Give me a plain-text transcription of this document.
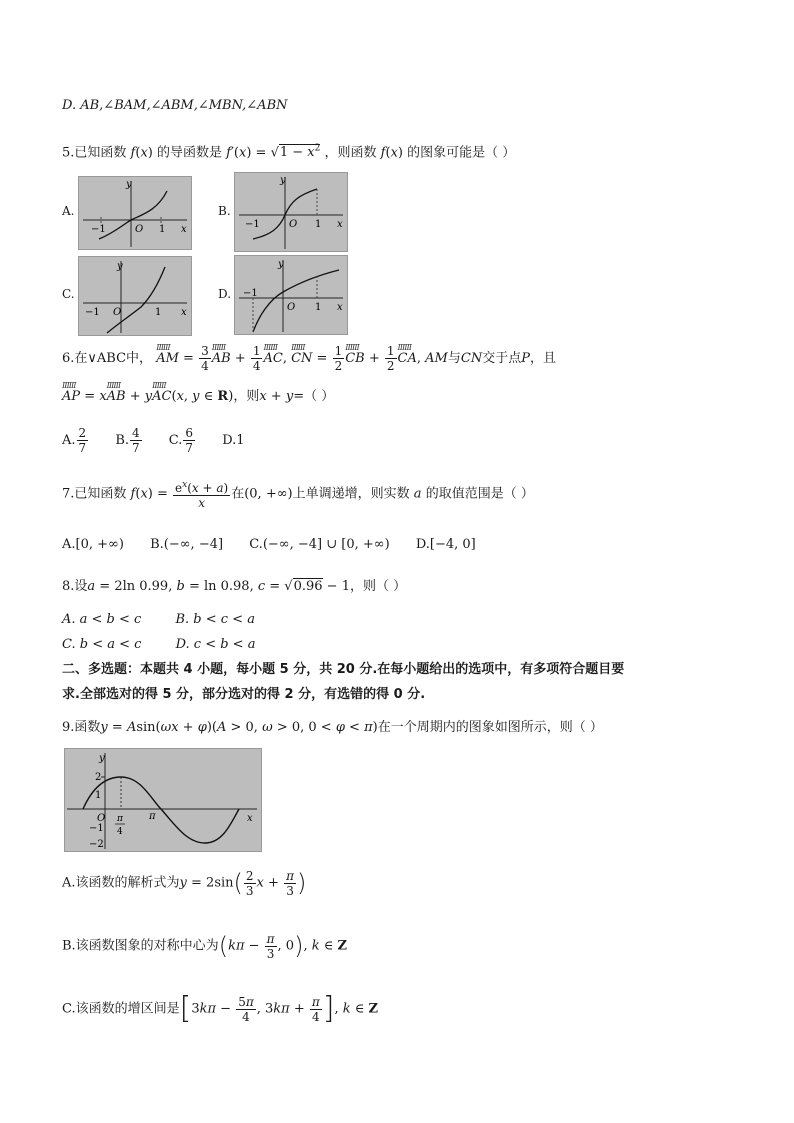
D. AB,∠BAM,∠ABM,∠MBN,∠ABN
5.已知函数 f(x) 的导函数是 $f'(x) = √1 - x^2$ ，则函数 f(x) 的图象可能是（ ）
A.
y
x
O
−1	1
B.
y
x
O
−1	1
C.
y
x
O
−1	1
D.
y
x
O
−1
1
6.在∨ABC中， ⅢⅢ AM = $\frac{3}{4}$ ⅢⅢ AB + $\frac{1}{4}$ ⅢⅢ AC, ⅢⅢ CN = $\frac{1}{2}$ ⅢⅢ CB + $\frac{1}{2}$ ⅢⅢ CA, AM与CN交于点P，且
ⅢⅢ AP = xⅢⅢ AB + yⅢⅢ AC(x, y ∈ R)，则x + y=（ ）
A. $\frac{2}{7} B$. $\frac{4}{7} C$. $\frac{6}{7} D.1$
7.已知函数 $f(x) = \frac{e^x(x + a)}{x}$ 在(0, +∞)上单调递增，则实数 a 的取值范围是（ ）
A.[0, +∞) B.(−∞, −4] C.(−∞, −4] ∪ [0, +∞) D.[−4, 0]
8.设a = 2ln 0.99, b = ln 0.98, c = √0.96 − 1，则（ ）
A. a < b < c	B. b < c < a
C. b < a < c	D. c < b < a
二、多选题：本题共 4 小题，每小题 5 分，共 20 分.在每小题给出的选项中，有多项符合题目要
求.全部选对的得 5 分，部分选对的得 2 分，有选错的得 0 分.
9.函数y = Asin(ωx + φ)(A > 0, ω > 0, 0 < φ < π)在一个周期内的图象如图所示，则（ ）
y
x
O
2
1
−1
−2
π
π
4
A.该函数的解析式为$y = 2\sin( \frac{2}{3}$ $x + \frac{\pi}{3}$ )
B.该函数图象的对称中心为($k\pi - \frac{\pi}{3}$ , 0), k ∈ Z
C.该函数的增区间是[$3k\pi - \frac{5\pi}{4}$ , $3k\pi + \frac{\pi}{4}$ ], k ∈ Z
